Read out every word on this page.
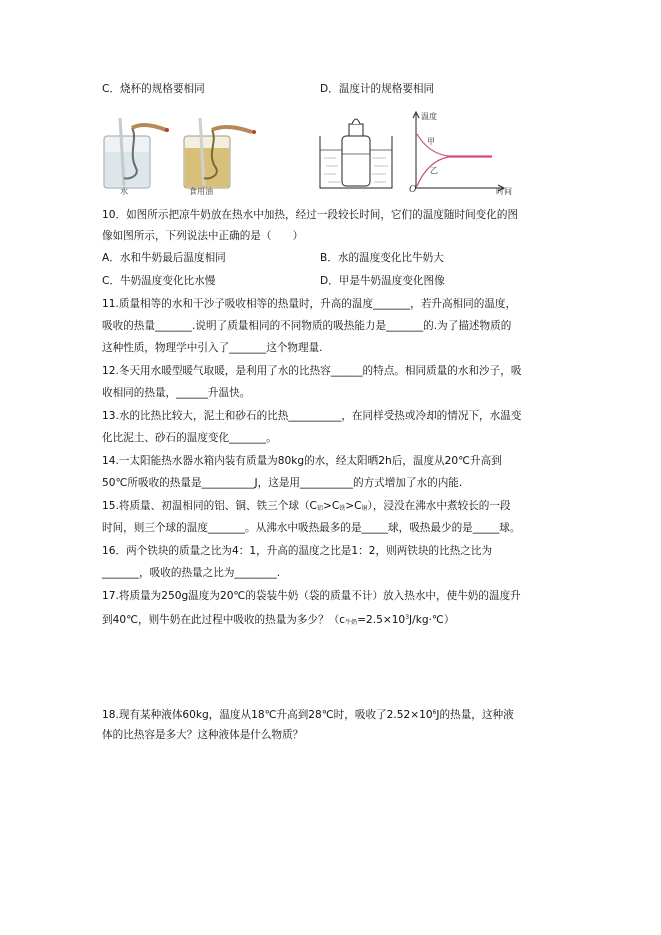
C．烧杯的规格要相同	D．温度计的规格要相同
水	食用油
温度
时间
O
甲
乙
10．如图所示把凉牛奶放在热水中加热，经过一段较长时间，它们的温度随时间变化的图
像如图所示，下列说法中正确的是（　　）
A．水和牛奶最后温度相同	B．水的温度变化比牛奶大
C．牛奶温度变化比水慢	D．甲是牛奶温度变化图像
11.质量相等的水和干沙子吸收相等的热量时，升高的温度_______，若升高相同的温度，
吸收的热量_______.说明了质量相同的不同物质的吸热能力是_______的.为了描述物质的
这种性质，物理学中引入了_______这个物理量.
12.冬天用水暖型暖气取暖，是利用了水的比热容______的特点。相同质量的水和沙子，吸
收相同的热量，______升温快。
13.水的比热比较大，泥土和砂石的比热__________，在同样受热或冷却的情况下，水温变
化比泥土、砂石的温度变化_______。
14.一太阳能热水器水箱内装有质量为80kg的水，经太阳晒2h后，温度从20℃升高到
50℃所吸收的热量是__________J，这是用__________的方式增加了水的内能.
15.将质量、初温相同的铝、铜、铁三个球（C铝>C铁>C铜），浸没在沸水中煮较长的一段
时间，则三个球的温度_______。从沸水中吸热最多的是_____球，吸热最少的是_____球。
16．两个铁块的质量之比为4：1，升高的温度之比是1：2，则两铁块的比热之比为
_______，吸收的热量之比为________.
17.将质量为250g温度为20℃的袋装牛奶（袋的质量不计）放入热水中，使牛奶的温度升
到40℃，则牛奶在此过程中吸收的热量为多少？（c牛奶$=2.5\times 10^3J/kg\cdot℃$）
18.现有某种液体60kg，温度从18℃升高到28℃时，吸收了$2.52\times 10^6J$的热量，这种液
体的比热容是多大？这种液体是什么物质？
